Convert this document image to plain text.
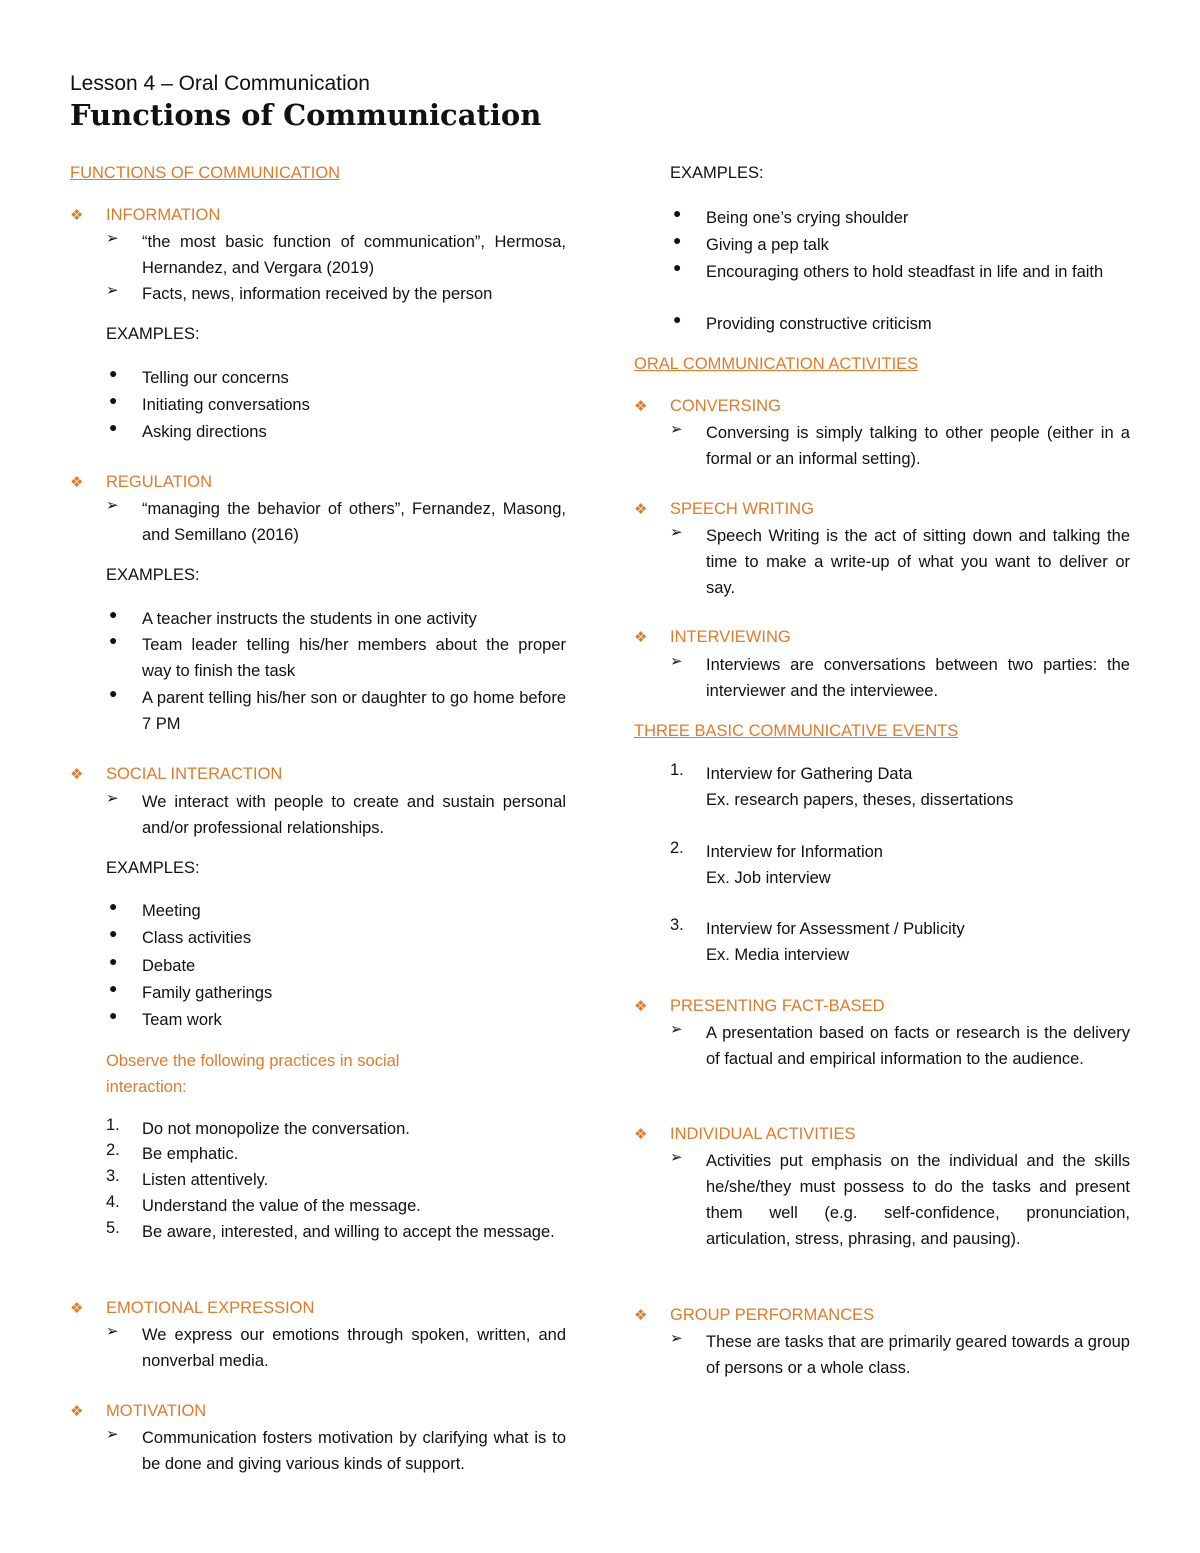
Lesson 4 – Oral Communication
Functions of Communication
FUNCTIONS OF COMMUNICATION
❖ INFORMATION
➢ “the most basic function of communication”, Hermosa, Hernandez, and Vergara (2019)
➢ Facts, news, information received by the person
EXAMPLES:
● Telling our concerns
● Initiating conversations
● Asking directions
❖ REGULATION
➢ “managing the behavior of others”, Fernandez, Masong, and Semillano (2016)
EXAMPLES:
● A teacher instructs the students in one activity
● Team leader telling his/her members about the proper way to finish the task
● A parent telling his/her son or daughter to go home before 7 PM
❖ SOCIAL INTERACTION
➢ We interact with people to create and sustain personal and/or professional relationships.
EXAMPLES:
● Meeting
● Class activities
● Debate
● Family gatherings
● Team work
Observe the following practices in social interaction:
1. Do not monopolize the conversation.
2. Be emphatic.
3. Listen attentively.
4. Understand the value of the message.
5. Be aware, interested, and willing to accept the message.
❖ EMOTIONAL EXPRESSION
➢ We express our emotions through spoken, written, and nonverbal media.
❖ MOTIVATION
➢ Communication fosters motivation by clarifying what is to be done and giving various kinds of support.
EXAMPLES:
● Being one’s crying shoulder
● Giving a pep talk
● Encouraging others to hold steadfast in life and in faith
● Providing constructive criticism
ORAL COMMUNICATION ACTIVITIES
❖ CONVERSING
➢ Conversing is simply talking to other people (either in a formal or an informal setting).
❖ SPEECH WRITING
➢ Speech Writing is the act of sitting down and talking the time to make a write-up of what you want to deliver or say.
❖ INTERVIEWING
➢ Interviews are conversations between two parties: the interviewer and the interviewee.
THREE BASIC COMMUNICATIVE EVENTS
1. Interview for Gathering Data
Ex. research papers, theses, dissertations
2. Interview for Information
Ex. Job interview
3. Interview for Assessment / Publicity
Ex. Media interview
❖ PRESENTING FACT-BASED
➢ A presentation based on facts or research is the delivery of factual and empirical information to the audience.
❖ INDIVIDUAL ACTIVITIES
➢ Activities put emphasis on the individual and the skills he/she/they must possess to do the tasks and present them well (e.g. self-confidence, pronunciation, articulation, stress, phrasing, and pausing).
❖ GROUP PERFORMANCES
➢ These are tasks that are primarily geared towards a group of persons or a whole class.
